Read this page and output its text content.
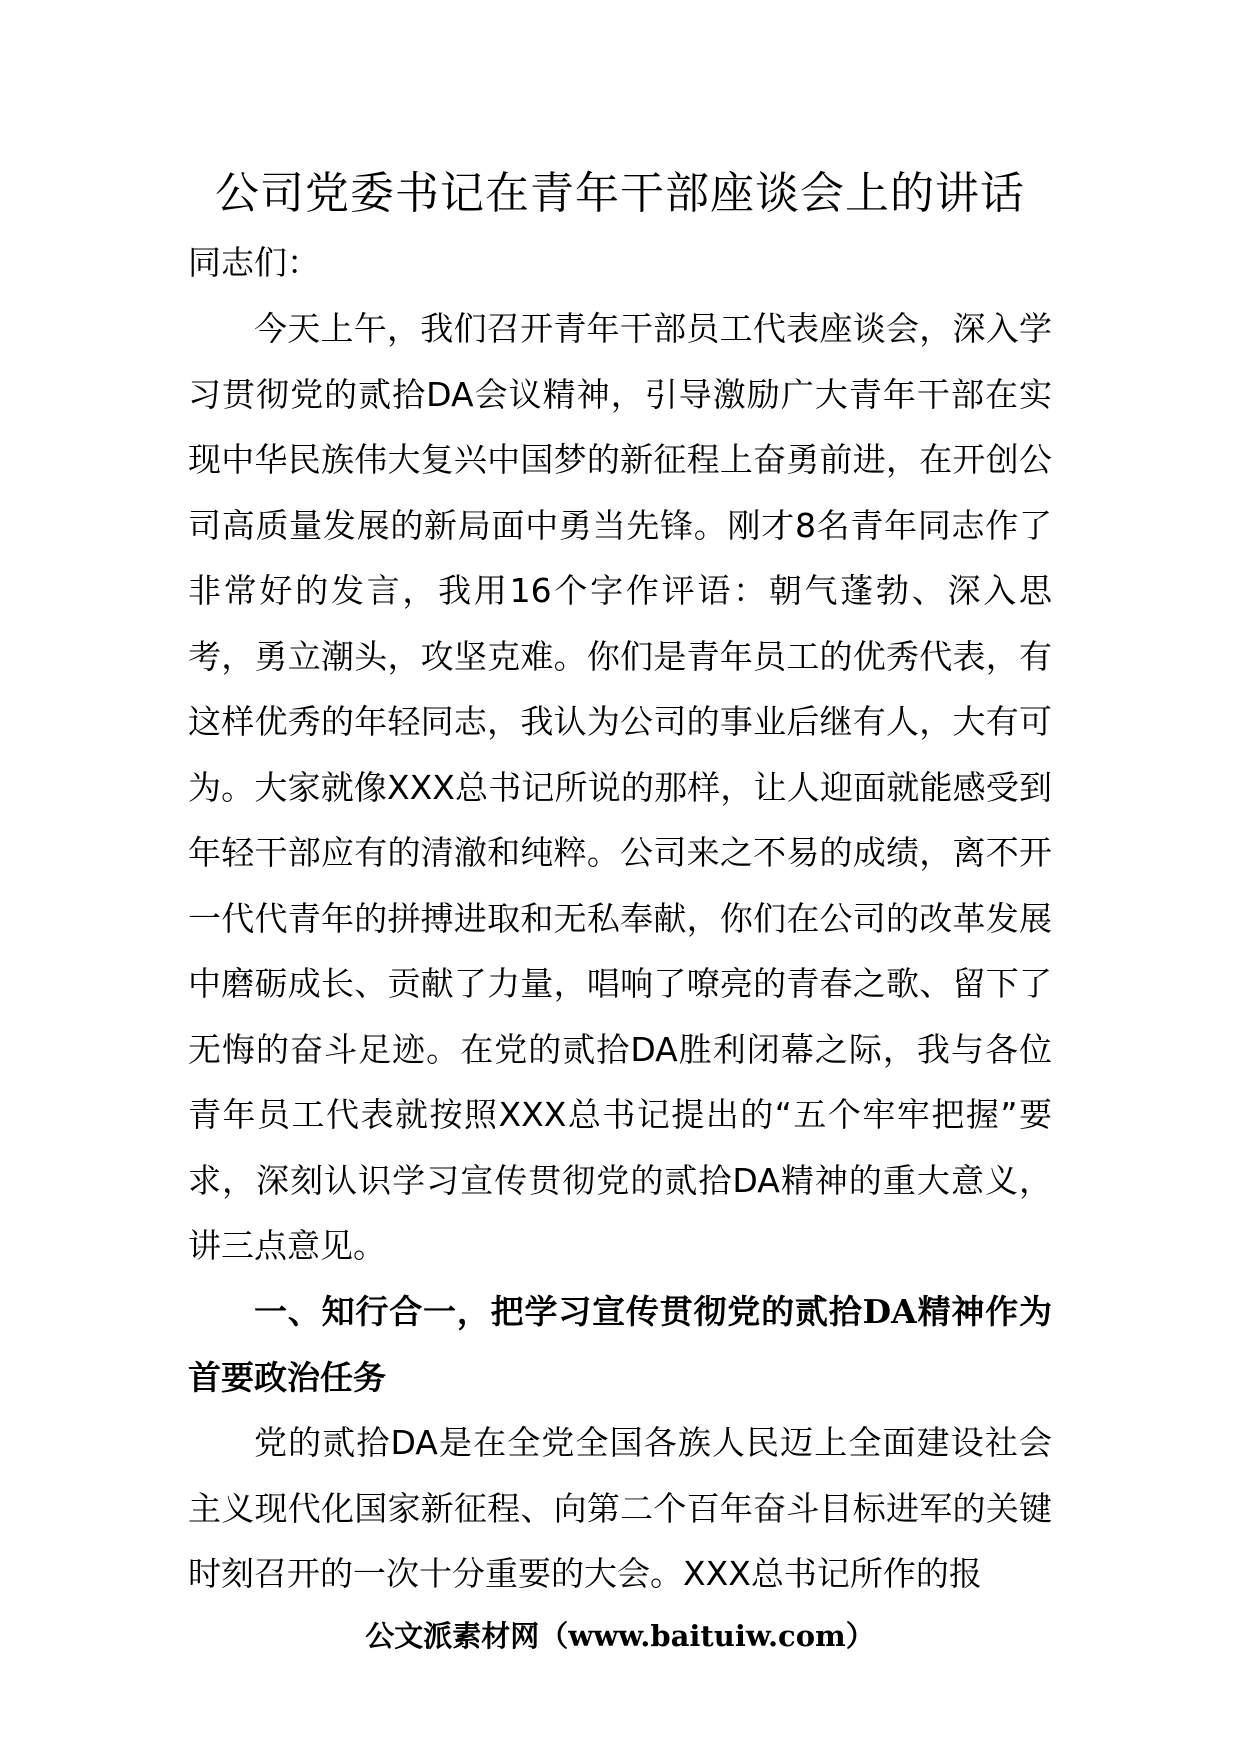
公司党委书记在青年干部座谈会上的讲话
同志们：
今天上午，我们召开青年干部员工代表座谈会，深入学习贯彻党的贰拾DA会议精神，引导激励广大青年干部在实现中华民族伟大复兴中国梦的新征程上奋勇前进，在开创公司高质量发展的新局面中勇当先锋。刚才8名青年同志作了非常好的发言，我用16个字作评语：朝气蓬勃、深入思考，勇立潮头，攻坚克难。你们是青年员工的优秀代表，有这样优秀的年轻同志，我认为公司的事业后继有人，大有可为。大家就像XXX总书记所说的那样，让人迎面就能感受到年轻干部应有的清澈和纯粹。公司来之不易的成绩，离不开一代代青年的拼搏进取和无私奉献，你们在公司的改革发展中磨砺成长、贡献了力量，唱响了嘹亮的青春之歌、留下了无悔的奋斗足迹。在党的贰拾DA胜利闭幕之际，我与各位青年员工代表就按照XXX总书记提出的“五个牢牢把握”要求，深刻认识学习宣传贯彻党的贰拾DA精神的重大意义，讲三点意见。
一、知行合一，把学习宣传贯彻党的贰拾DA精神作为首要政治任务
党的贰拾DA是在全党全国各族人民迈上全面建设社会主义现代化国家新征程、向第二个百年奋斗目标进军的关键时刻召开的一次十分重要的大会。XXX总书记所作的报
公文派素材网（www.baituiw.com）
